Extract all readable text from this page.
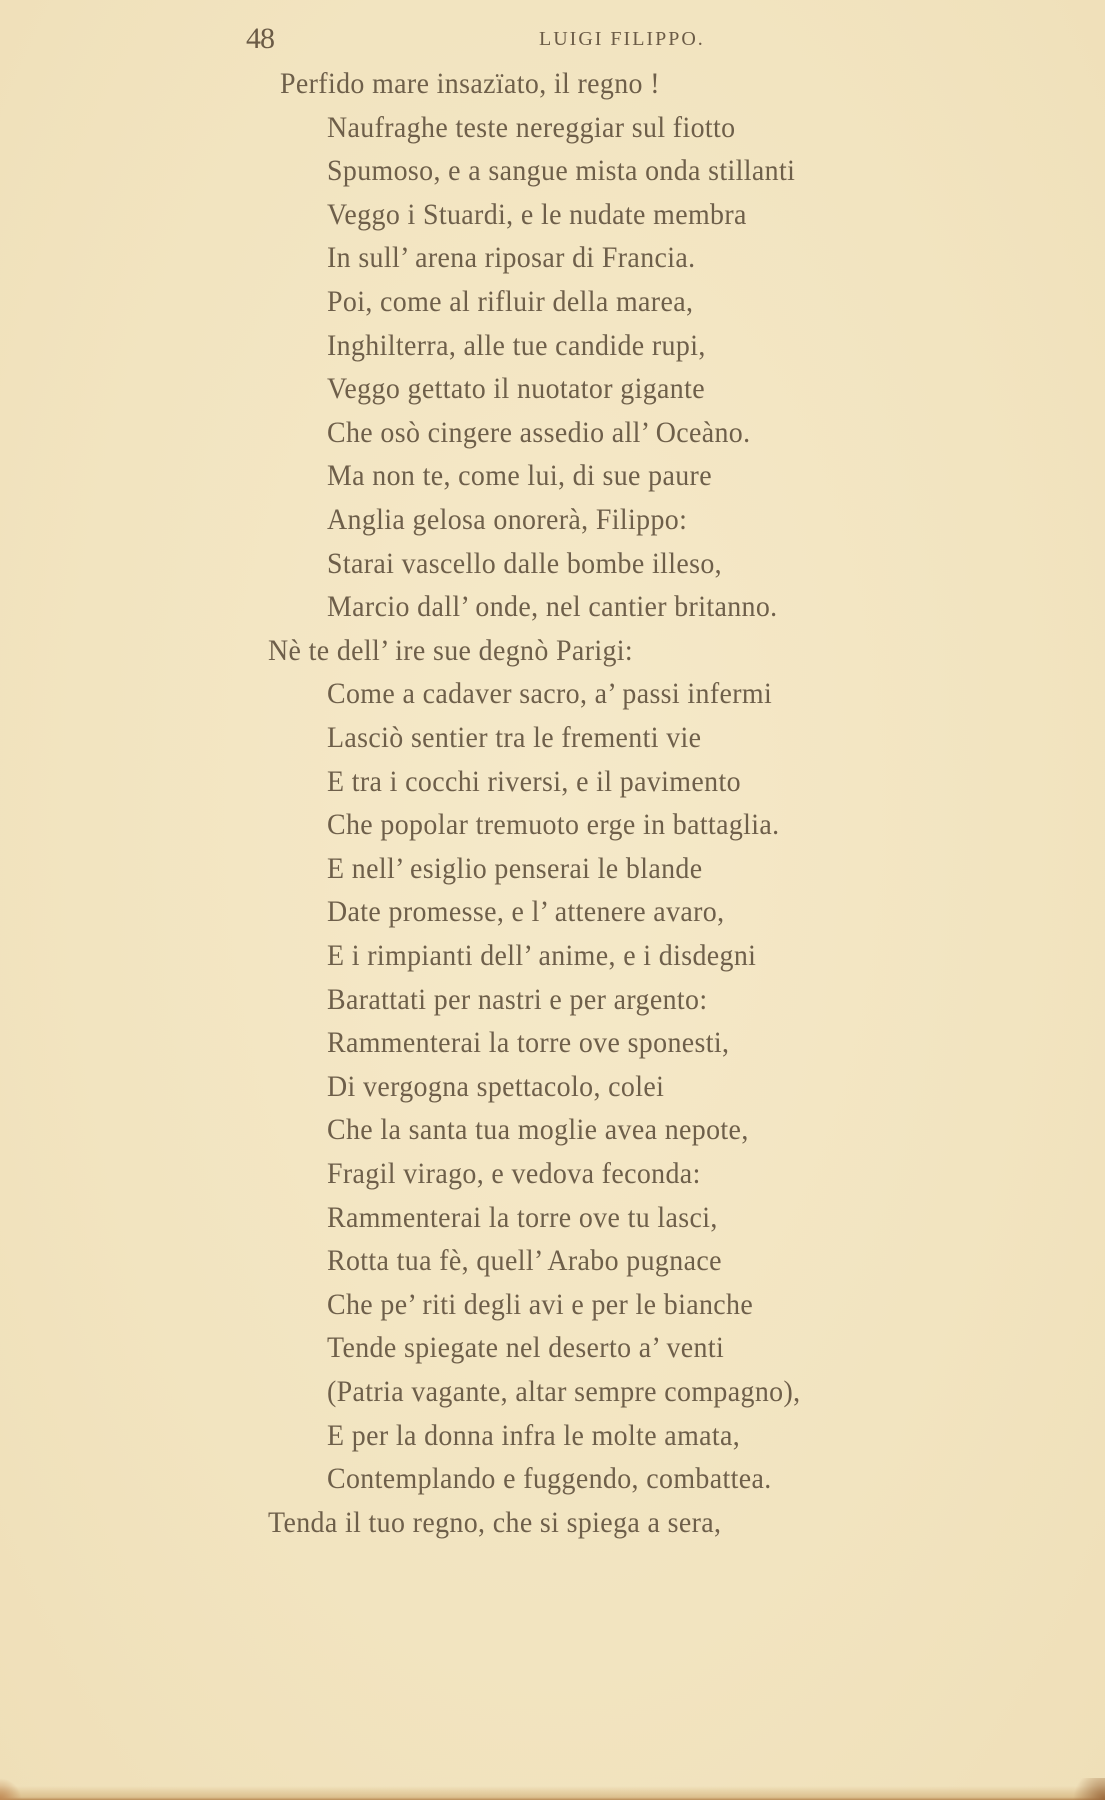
48	LUIGI FILIPPO.
Perfido mare insazïato, il regno !
Naufraghe teste nereggiar sul fiotto
Spumoso, e a sangue mista onda stillanti
Veggo i Stuardi, e le nudate membra
In sull’ arena riposar di Francia.
Poi, come al rifluir della marea,
Inghilterra, alle tue candide rupi,
Veggo gettato il nuotator gigante
Che osò cingere assedio all’ Oceàno.
Ma non te, come lui, di sue paure
Anglia gelosa onorerà, Filippo:
Starai vascello dalle bombe illeso,
Marcio dall’ onde, nel cantier britanno.
Nè te dell’ ire sue degnò Parigi:
Come a cadaver sacro, a’ passi infermi
Lasciò sentier tra le frementi vie
E tra i cocchi riversi, e il pavimento
Che popolar tremuoto erge in battaglia.
E nell’ esiglio penserai le blande
Date promesse, e l’ attenere avaro,
E i rimpianti dell’ anime, e i disdegni
Barattati per nastri e per argento:
Rammenterai la torre ove sponesti,
Di vergogna spettacolo, colei
Che la santa tua moglie avea nepote,
Fragil virago, e vedova feconda:
Rammenterai la torre ove tu lasci,
Rotta tua fè, quell’ Arabo pugnace
Che pe’ riti degli avi e per le bianche
Tende spiegate nel deserto a’ venti
(Patria vagante, altar sempre compagno),
E per la donna infra le molte amata,
Contemplando e fuggendo, combattea.
Tenda il tuo regno, che si spiega a sera,
